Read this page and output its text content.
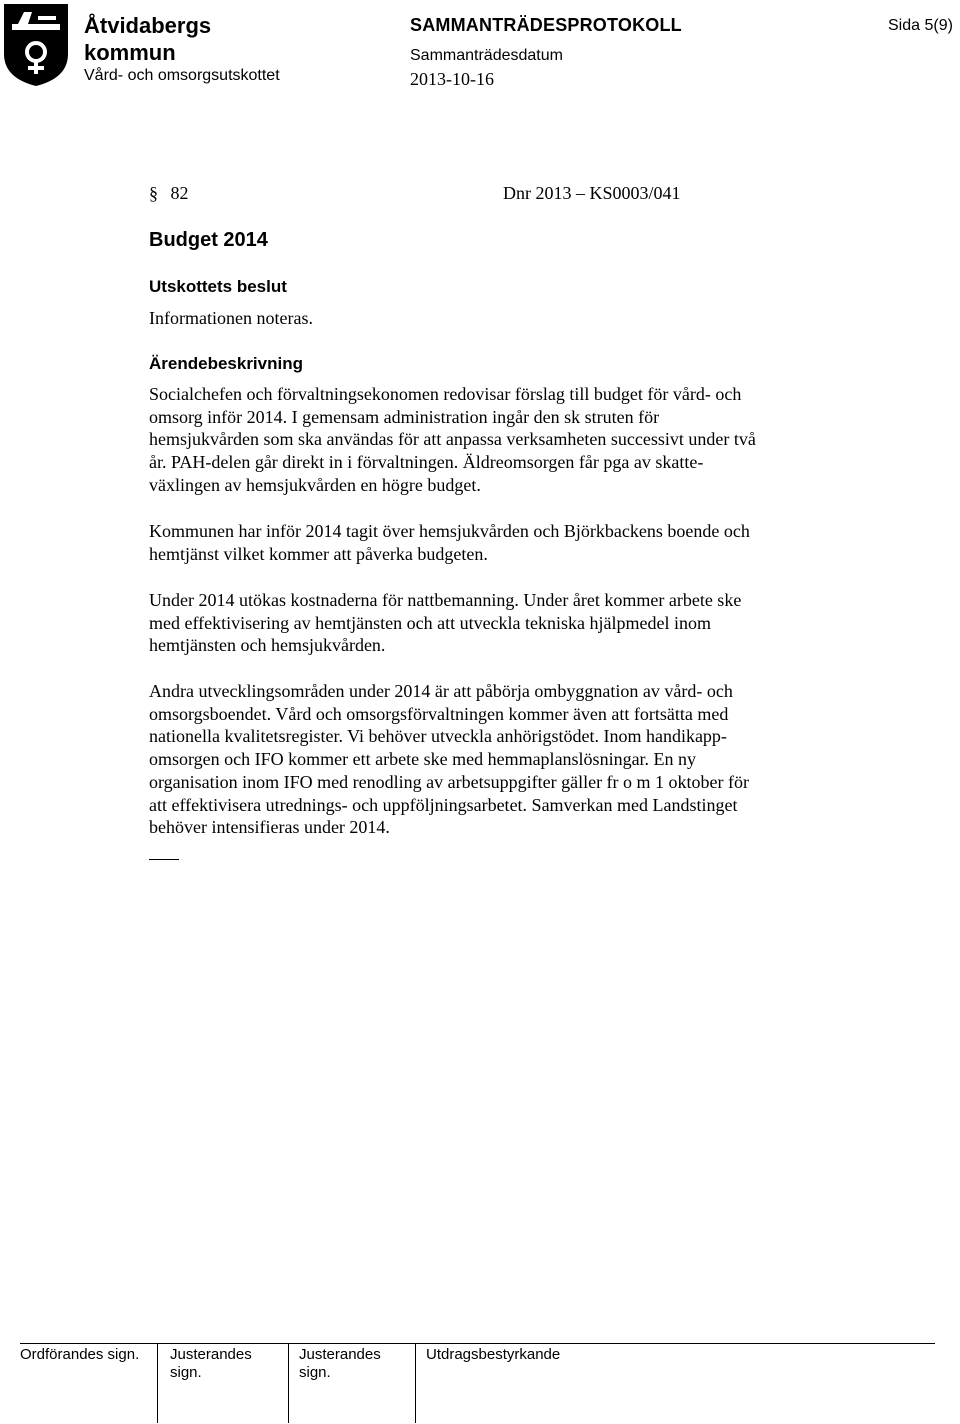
Åtvidabergs
kommun
Vård- och omsorgsutskottet
SAMMANTRÄDESPROTOKOLL
Sammanträdesdatum
2013-10-16
Sida 5(9)
§ 82	Dnr 2013 – KS0003/041
Budget 2014
Utskottets beslut
Informationen noteras.
Ärendebeskrivning

Socialchefen och förvaltningsekonomen redovisar förslag till budget för vård- och
omsorg inför 2014. I gemensam administration ingår den sk struten för
hemsjukvården som ska användas för att anpassa verksamheten successivt under två
år. PAH-delen går direkt in i förvaltningen. Äldreomsorgen får pga av skatte-
växlingen av hemsjukvården en högre budget.

Kommunen har inför 2014 tagit över hemsjukvården och Björkbackens boende och
hemtjänst vilket kommer att påverka budgeten.

Under 2014 utökas kostnaderna för nattbemanning. Under året kommer arbete ske
med effektivisering av hemtjänsten och att utveckla tekniska hjälpmedel inom
hemtjänsten och hemsjukvården.

Andra utvecklingsområden under 2014 är att påbörja ombyggnation av vård- och
omsorgsboendet. Vård och omsorgsförvaltningen kommer även att fortsätta med
nationella kvalitetsregister. Vi behöver utveckla anhörigstödet. Inom handikapp-
omsorgen och IFO kommer ett arbete ske med hemmaplanslösningar. En ny
organisation inom IFO med renodling av arbetsuppgifter gäller fr o m 1 oktober för
att effektivisera utrednings- och uppföljningsarbetet. Samverkan med Landstinget
behöver intensifieras under 2014.

Ordförandes sign. Justerandes
sign.
Justerandes
sign.
Utdragsbestyrkande
